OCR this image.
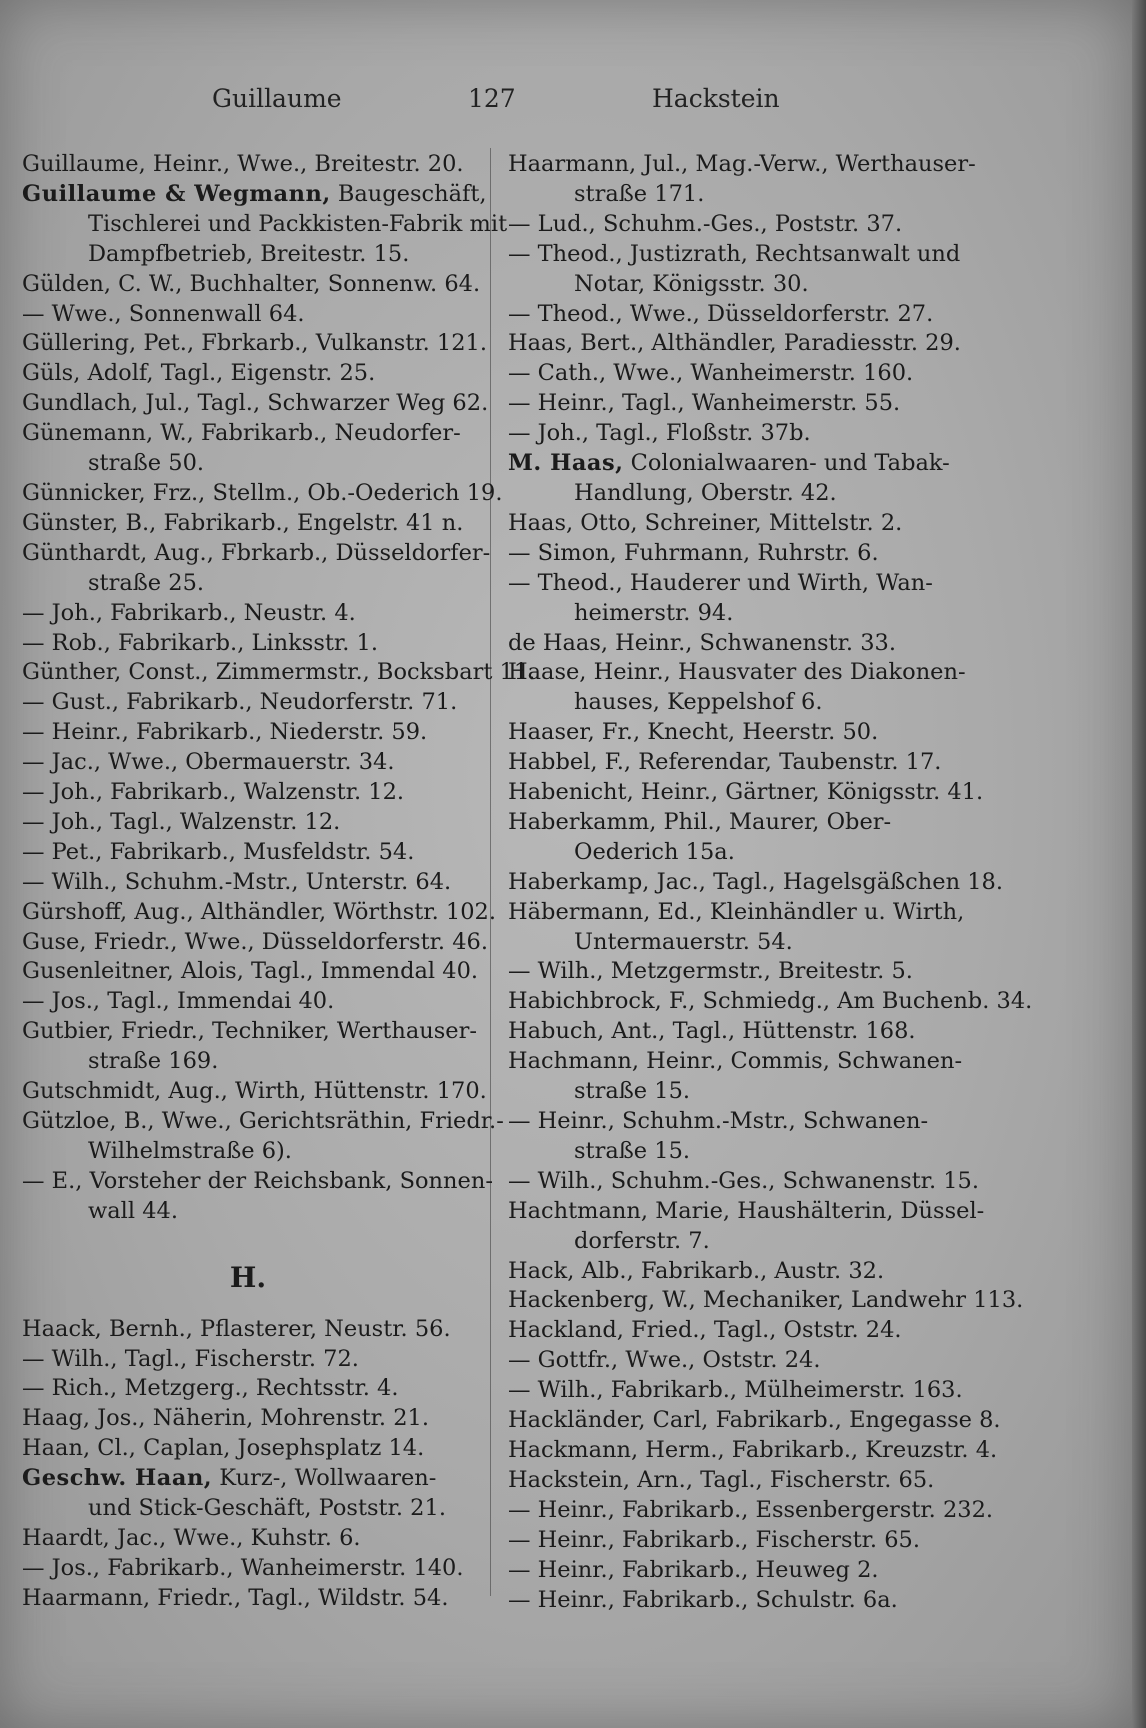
Guillaume	127	Hackstein
Guillaume, Heinr., Wwe., Breitestr. 20.
Guillaume & Wegmann, Baugeschäft,
Tischlerei und Packkisten-Fabrik mit
Dampfbetrieb, Breitestr. 15.
Gülden, C. W., Buchhalter, Sonnenw. 64.
— Wwe., Sonnenwall 64.
Güllering, Pet., Fbrkarb., Vulkanstr. 121.
Güls, Adolf, Tagl., Eigenstr. 25.
Gundlach, Jul., Tagl., Schwarzer Weg 62.
Günemann, W., Fabrikarb., Neudorfer-
straße 50.
Günnicker, Frz., Stellm., Ob.-Oederich 19.
Günster, B., Fabrikarb., Engelstr. 41 n.
Günthardt, Aug., Fbrkarb., Düsseldorfer-
straße 25.
— Joh., Fabrikarb., Neustr. 4.
— Rob., Fabrikarb., Linksstr. 1.
Günther, Const., Zimmermstr., Bocksbart 11.
— Gust., Fabrikarb., Neudorferstr. 71.
— Heinr., Fabrikarb., Niederstr. 59.
— Jac., Wwe., Obermauerstr. 34.
— Joh., Fabrikarb., Walzenstr. 12.
— Joh., Tagl., Walzenstr. 12.
— Pet., Fabrikarb., Musfeldstr. 54.
— Wilh., Schuhm.-Mstr., Unterstr. 64.
Gürshoff, Aug., Althändler, Wörthstr. 102.
Guse, Friedr., Wwe., Düsseldorferstr. 46.
Gusenleitner, Alois, Tagl., Immendal 40.
— Jos., Tagl., Immendai 40.
Gutbier, Friedr., Techniker, Werthauser-
straße 169.
Gutschmidt, Aug., Wirth, Hüttenstr. 170.
Gützloe, B., Wwe., Gerichtsräthin, Friedr.-
Wilhelmstraße 6).
— E., Vorsteher der Reichsbank, Sonnen-
wall 44.
H.
Haack, Bernh., Pflasterer, Neustr. 56.
— Wilh., Tagl., Fischerstr. 72.
— Rich., Metzgerg., Rechtsstr. 4.
Haag, Jos., Näherin, Mohrenstr. 21.
Haan, Cl., Caplan, Josephsplatz 14.
Geschw. Haan, Kurz-, Wollwaaren-
und Stick-Geschäft, Poststr. 21.
Haardt, Jac., Wwe., Kuhstr. 6.
— Jos., Fabrikarb., Wanheimerstr. 140.
Haarmann, Friedr., Tagl., Wildstr. 54.
Haarmann, Jul., Mag.-Verw., Werthauser-
straße 171.
— Lud., Schuhm.-Ges., Poststr. 37.
— Theod., Justizrath, Rechtsanwalt und
Notar, Königsstr. 30.
— Theod., Wwe., Düsseldorferstr. 27.
Haas, Bert., Althändler, Paradiesstr. 29.
— Cath., Wwe., Wanheimerstr. 160.
— Heinr., Tagl., Wanheimerstr. 55.
— Joh., Tagl., Floßstr. 37b.
M. Haas, Colonialwaaren- und Tabak-
Handlung, Oberstr. 42.
Haas, Otto, Schreiner, Mittelstr. 2.
— Simon, Fuhrmann, Ruhrstr. 6.
— Theod., Hauderer und Wirth, Wan-
heimerstr. 94.
de Haas, Heinr., Schwanenstr. 33.
Haase, Heinr., Hausvater des Diakonen-
hauses, Keppelshof 6.
Haaser, Fr., Knecht, Heerstr. 50.
Habbel, F., Referendar, Taubenstr. 17.
Habenicht, Heinr., Gärtner, Königsstr. 41.
Haberkamm, Phil., Maurer, Ober-
Oederich 15a.
Haberkamp, Jac., Tagl., Hagelsgäßchen 18.
Häbermann, Ed., Kleinhändler u. Wirth,
Untermauerstr. 54.
— Wilh., Metzgermstr., Breitestr. 5.
Habichbrock, F., Schmiedg., Am Buchenb. 34.
Habuch, Ant., Tagl., Hüttenstr. 168.
Hachmann, Heinr., Commis, Schwanen-
straße 15.
— Heinr., Schuhm.-Mstr., Schwanen-
straße 15.
— Wilh., Schuhm.-Ges., Schwanenstr. 15.
Hachtmann, Marie, Haushälterin, Düssel-
dorferstr. 7.
Hack, Alb., Fabrikarb., Austr. 32.
Hackenberg, W., Mechaniker, Landwehr 113.
Hackland, Fried., Tagl., Oststr. 24.
— Gottfr., Wwe., Oststr. 24.
— Wilh., Fabrikarb., Mülheimerstr. 163.
Hackländer, Carl, Fabrikarb., Engegasse 8.
Hackmann, Herm., Fabrikarb., Kreuzstr. 4.
Hackstein, Arn., Tagl., Fischerstr. 65.
— Heinr., Fabrikarb., Essenbergerstr. 232.
— Heinr., Fabrikarb., Fischerstr. 65.
— Heinr., Fabrikarb., Heuweg 2.
— Heinr., Fabrikarb., Schulstr. 6a.
